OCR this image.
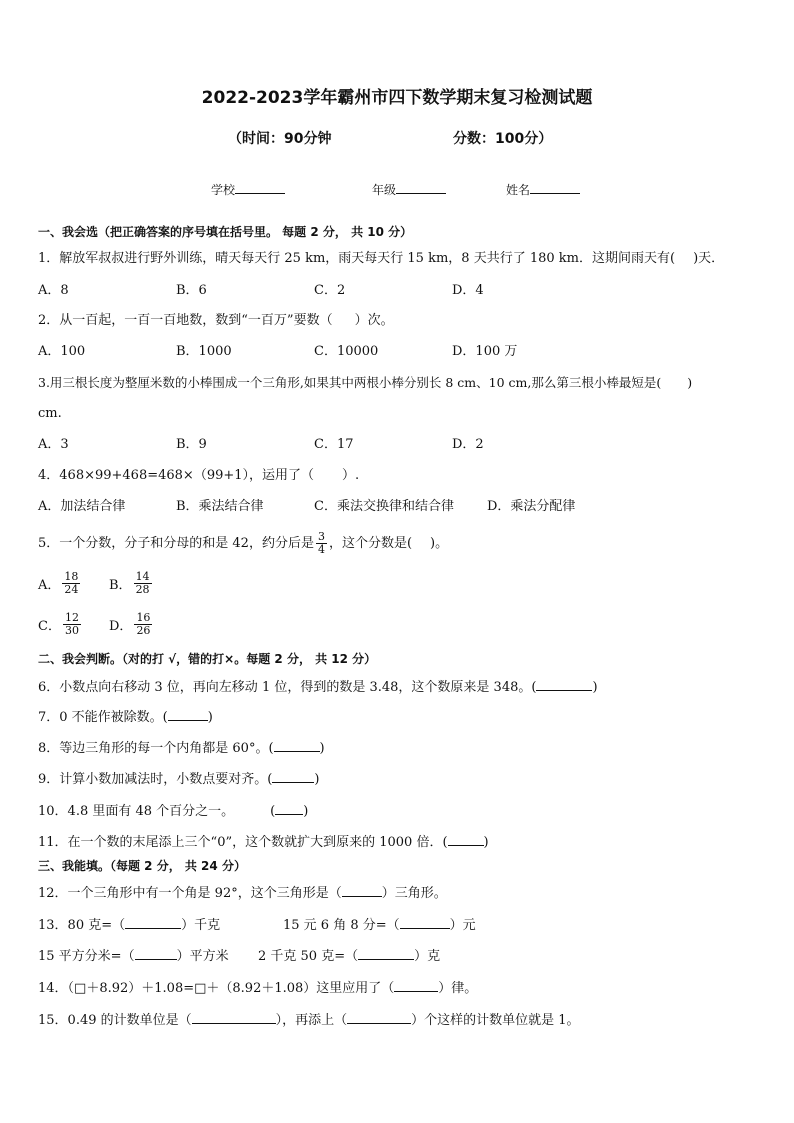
2022-2023学年霸州市四下数学期末复习检测试题
（时间：90分钟	分数：100分）
学校	年级	姓名
一、我会选（把正确答案的序号填在括号里。 每题 2 分， 共 10 分）
1．解放军叔叔进行野外训练，晴天每天行 25 km，雨天每天行 15 km，8 天共行了 180 km．这期间雨天有( )天．
A．8	B．6	C．2	D．4
2．从一百起，一百一百地数，数到“一百万”要数（ ）次。
A．100	B．1000	C．10000	D．100 万
3.用三根长度为整厘米数的小棒围成一个三角形,如果其中两根小棒分别长 8 cm、10 cm,那么第三根小棒最短是( )
cm.
A．3	B．9	C．17	D．2
4．468×99+468=468×（99+1），运用了（ ）.
A．加法结合律	B．乘法结合律	C．乘法交换律和结合律	D．乘法分配律
5．一个分数，分子和分母的和是 42，约分后是 $\frac{3}{4}$ ，这个分数是( )。
A． $\frac{18}{24}$ B． $\frac{14}{28}$
C． $\frac{12}{30}$ D． $\frac{16}{26}$
二、我会判断。（对的打 √，错的打×。每题 2 分， 共 12 分）
6．小数点向右移动 3 位，再向左移动 1 位，得到的数是 3.48，这个数原来是 348。(	)
7．0 不能作被除数。(	)
8．等边三角形的每一个内角都是 60°。(	)
9．计算小数加减法时，小数点要对齐。(	)
10．4.8 里面有 48 个百分之一。	( )
11．在一个数的末尾添上三个“0”，这个数就扩大到原来的 1000 倍．(	)
三、我能填。（每题 2 分， 共 24 分）
12．一个三角形中有一个角是 92°，这个三角形是（	）三角形。
13．80 克=（	）千克	15 元 6 角 8 分=（	）元
15 平方分米=（	）平方米 2 千克 50 克=（	）克
14．（□＋8.92）＋1.08=□＋（8.92＋1.08）这里应用了（	）律。
15．0.49 的计数单位是（	），再添上（	）个这样的计数单位就是 1。
